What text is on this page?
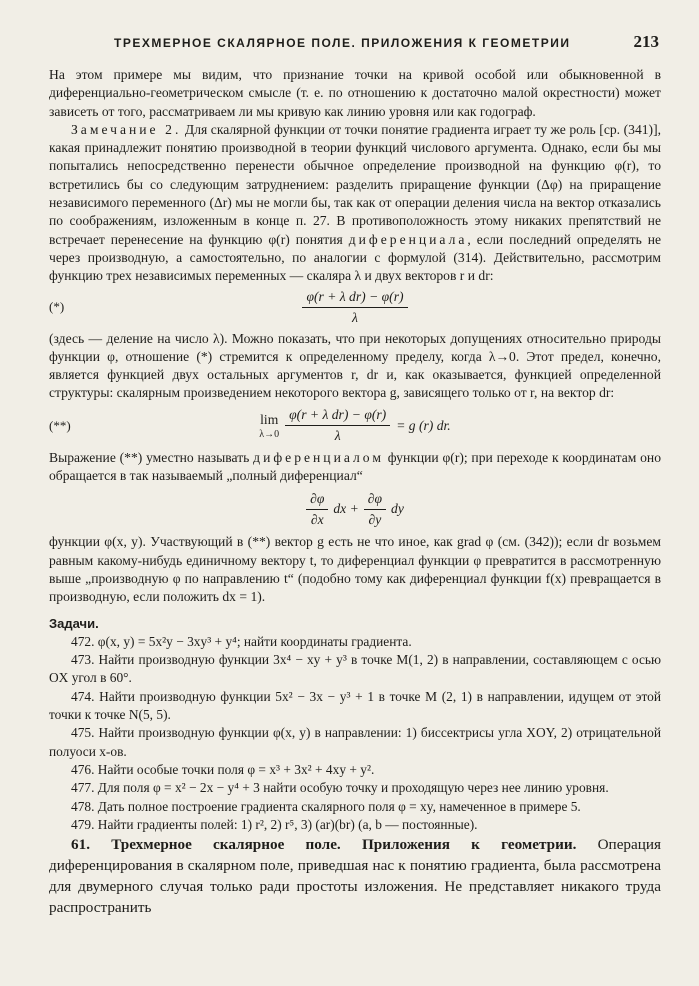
ТРЕХМЕРНОЕ СКАЛЯРНОЕ ПОЛЕ. ПРИЛОЖЕНИЯ К ГЕОМЕТРИИ	213

На этом примере мы видим, что признание точки на кривой особой или обыкновенной в диференциально-геометрическом смысле (т. е. по отношению к достаточно малой окрестности) может зависеть от того, рассматриваем ли мы кривую как линию уровня или как годограф.

Замечание 2. Для скалярной функции от точки понятие градиента играет ту же роль [ср. (341)], какая принадлежит понятию производной в теории функций числового аргумента. Однако, если бы мы попытались непосредственно перенести обычное определение производной на функцию φ(r), то встретились бы со следующим затруднением: разделить приращение функции (Δφ) на приращение независимого переменного (Δr) мы не могли бы, так как от операции деления числа на вектор отказались по соображениям, изложенным в конце п. 27. В противоположность этому никаких препятствий не встречает перенесение на функцию φ(r) понятия диференциала, если последний определять не через производную, а самостоятельно, по аналогии с формулой (314). Действительно, рассмотрим функцию трех независимых переменных — скаляра λ и двух векторов r и dr:

(*)	$\frac{\text{φ(r + λ dr) − φ(r)}}{\lambda}$

(здесь — деление на число λ). Можно показать, что при некоторых допущениях относительно природы функции φ, отношение (*) стремится к определенному пределу, когда λ→0. Этот предел, конечно, является функцией двух остальных аргументов r, dr и, как оказывается, функцией определенной структуры: скалярным произведением некоторого вектора g, зависящего только от r, на вектор dr:

(**)	lim
$\lambda\to 0 \frac{\text{φ(r + λ dr) − φ(r)}}{\lambda} = g$ (r) dr.

Выражение (**) уместно называть диференциалом функции φ(r); при переходе к координатам оно обращается в так называемый „полный диференциал“

$\frac{\partial\varphi}{\partial x}$ dx + $\frac{\partial\varphi}{\partial y}$ dy

функции φ(x, y). Участвующий в (**) вектор g есть не что иное, как grad φ (см. (342)); если dr возьмем равным какому-нибудь единичному вектору t, то диференциал функции φ превратится в рассмотренную выше „производную φ по направлению t“ (подобно тому как диференциал функции f(x) превращается в производную, если положить dx = 1).

Задачи.

472. φ(x, y) = 5x²y − 3xy³ + y⁴; найти координаты градиента.

473. Найти производную функции 3x⁴ − xy + y³ в точке M(1, 2) в направлении, составляющем с осью OX угол в 60°.

474. Найти производную функции 5x² − 3x − y³ + 1 в точке M (2, 1) в направлении, идущем от этой точки к точке N(5, 5).

475. Найти производную функции φ(x, y) в направлении: 1) биссектрисы угла XOY, 2) отрицательной полуоси x-ов.

476. Найти особые точки поля φ = x³ + 3x² + 4xy + y².

477. Для поля φ = x² − 2x − y⁴ + 3 найти особую точку и проходящую через нее линию уровня.

478. Дать полное построение градиента скалярного поля φ = xy, намеченное в примере 5.

479. Найти градиенты полей: 1) r², 2) r⁵, 3) (ar)(br) (a, b — постоянные).

61. Трехмерное скалярное поле. Приложения к геометрии. Операция диференцирования в скалярном поле, приведшая нас к понятию градиента, была рассмотрена для двумерного случая только ради простоты изложения. Не представляет никакого труда распространить
